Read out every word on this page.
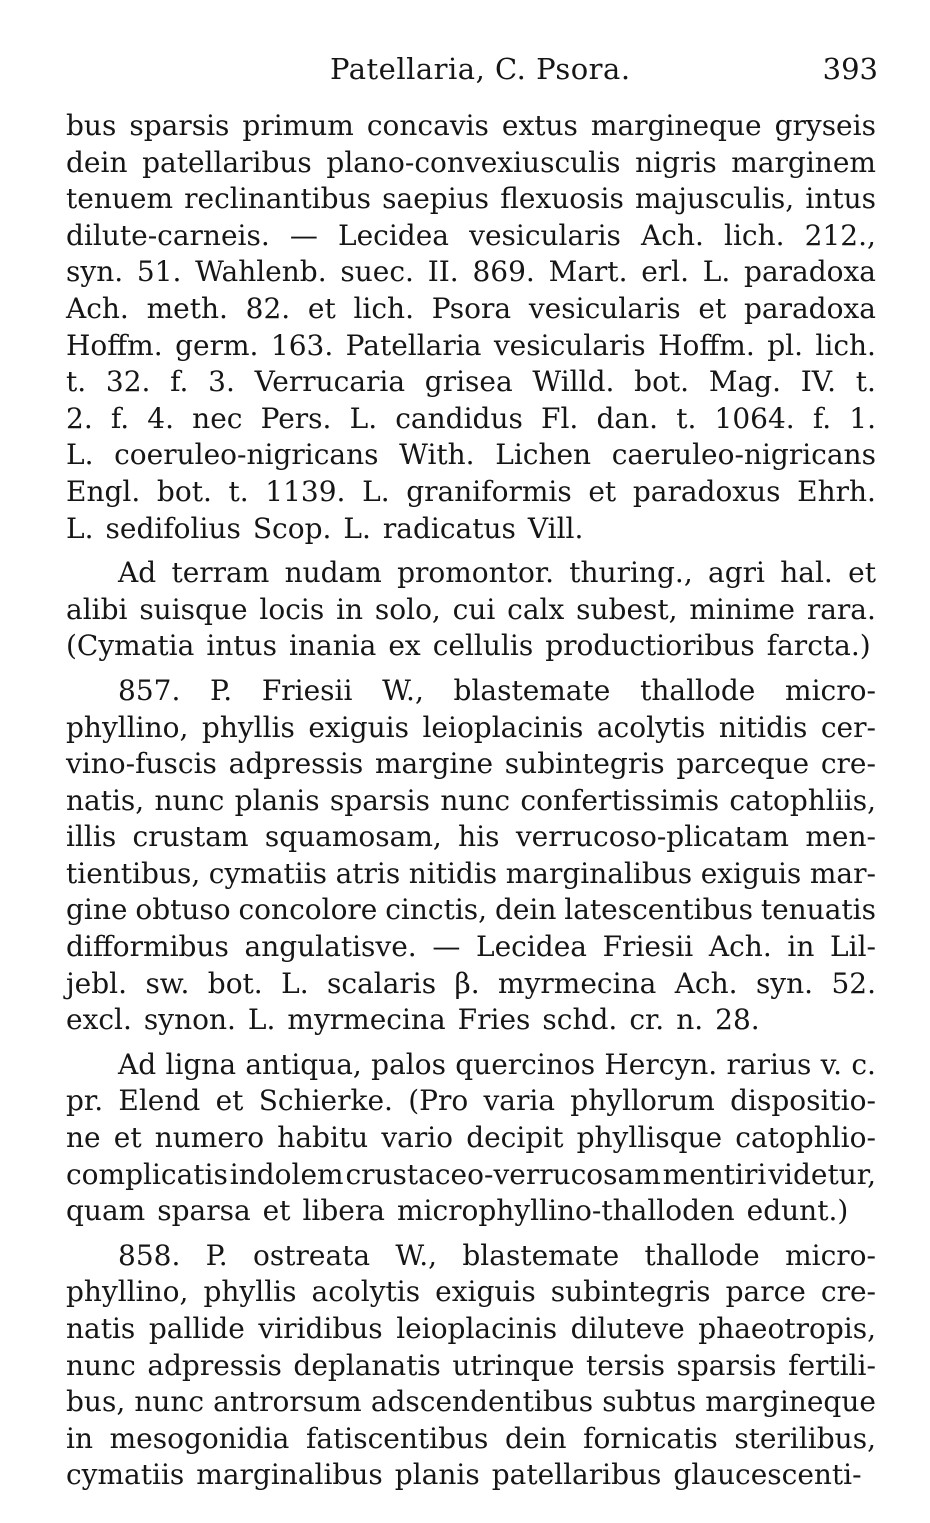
Patellaria, C. Psora.	393
bus sparsis primum concavis extus margineque gryseis
dein patellaribus plano-convexiusculis nigris marginem
tenuem reclinantibus saepius flexuosis majusculis, intus
dilute-carneis. — Lecidea vesicularis Ach. lich. 212.,
syn. 51. Wahlenb. suec. II. 869. Mart. erl. L. paradoxa
Ach. meth. 82. et lich. Psora vesicularis et paradoxa
Hoffm. germ. 163. Patellaria vesicularis Hoffm. pl. lich.
t. 32. f. 3. Verrucaria grisea Willd. bot. Mag. IV. t.
2. f. 4. nec Pers. L. candidus Fl. dan. t. 1064. f. 1.
L. coeruleo-nigricans With. Lichen caeruleo-nigricans
Engl. bot. t. 1139. L. graniformis et paradoxus Ehrh.
L. sedifolius Scop. L. radicatus Vill.
Ad terram nudam promontor. thuring., agri hal. et
alibi suisque locis in solo, cui calx subest, minime rara.
(Cymatia intus inania ex cellulis productioribus farcta.)
857. P. Friesii W., blastemate thallode micro-
phyllino, phyllis exiguis leioplacinis acolytis nitidis cer-
vino-fuscis adpressis margine subintegris parceque cre-
natis, nunc planis sparsis nunc confertissimis catophliis,
illis crustam squamosam, his verrucoso-plicatam men-
tientibus, cymatiis atris nitidis marginalibus exiguis mar-
gine obtuso concolore cinctis, dein latescentibus tenuatis
difformibus angulatisve. — Lecidea Friesii Ach. in Lil-
jebl. sw. bot. L. scalaris β. myrmecina Ach. syn. 52.
excl. synon. L. myrmecina Fries schd. cr. n. 28.
Ad ligna antiqua, palos quercinos Hercyn. rarius v. c.
pr. Elend et Schierke. (Pro varia phyllorum dispositio-
ne et numero habitu vario decipit phyllisque catophlio-
complicatis indolem crustaceo-verrucosam mentiri videtur,
quam sparsa et libera microphyllino-thalloden edunt.)
858. P. ostreata W., blastemate thallode micro-
phyllino, phyllis acolytis exiguis subintegris parce cre-
natis pallide viridibus leioplacinis diluteve phaeotropis,
nunc adpressis deplanatis utrinque tersis sparsis fertili-
bus, nunc antrorsum adscendentibus subtus margineque
in mesogonidia fatiscentibus dein fornicatis sterilibus,
cymatiis marginalibus planis patellaribus glaucescenti-
